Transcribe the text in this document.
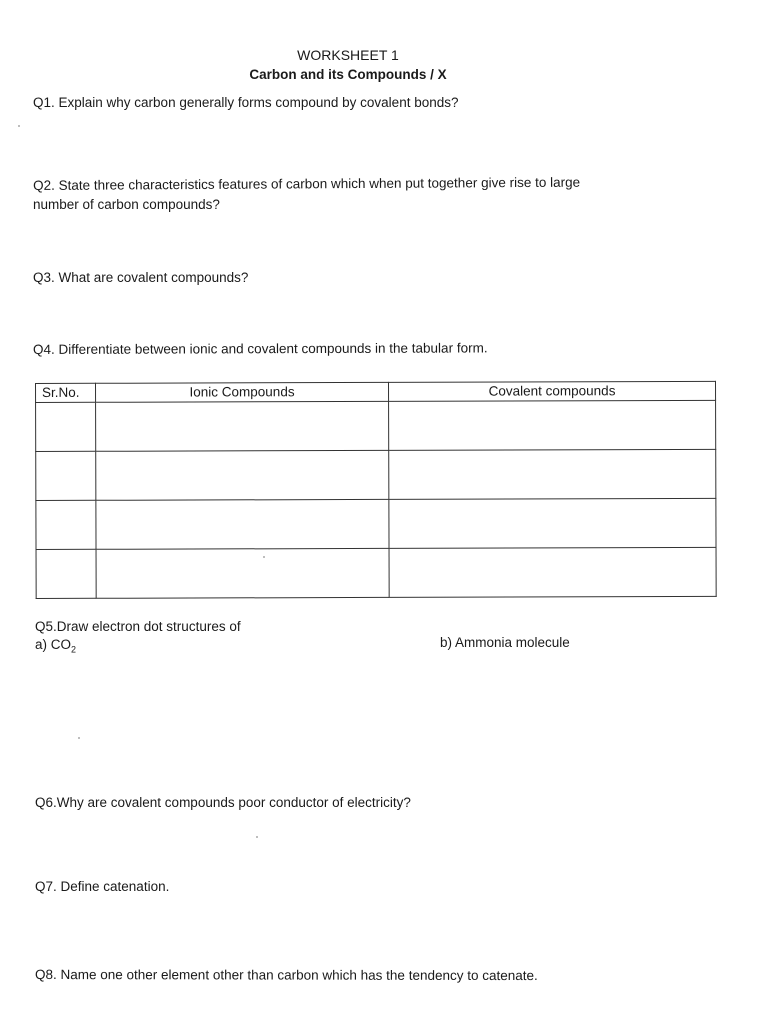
WORKSHEET 1
Carbon and its Compounds / X
Q1. Explain why carbon generally forms compound by covalent bonds?
Q2. State three characteristics features of carbon which when put together give rise to large
number of carbon compounds?
Q3. What are covalent compounds?
Q4. Differentiate between ionic and covalent compounds in the tabular form.
Sr.No.	Ionic Compounds	Covalent compounds

Q5.Draw electron dot structures of
a) $CO_2$	b) Ammonia molecule
Q6.Why are covalent compounds poor conductor of electricity?
Q7. Define catenation.
Q8. Name one other element other than carbon which has the tendency to catenate.
